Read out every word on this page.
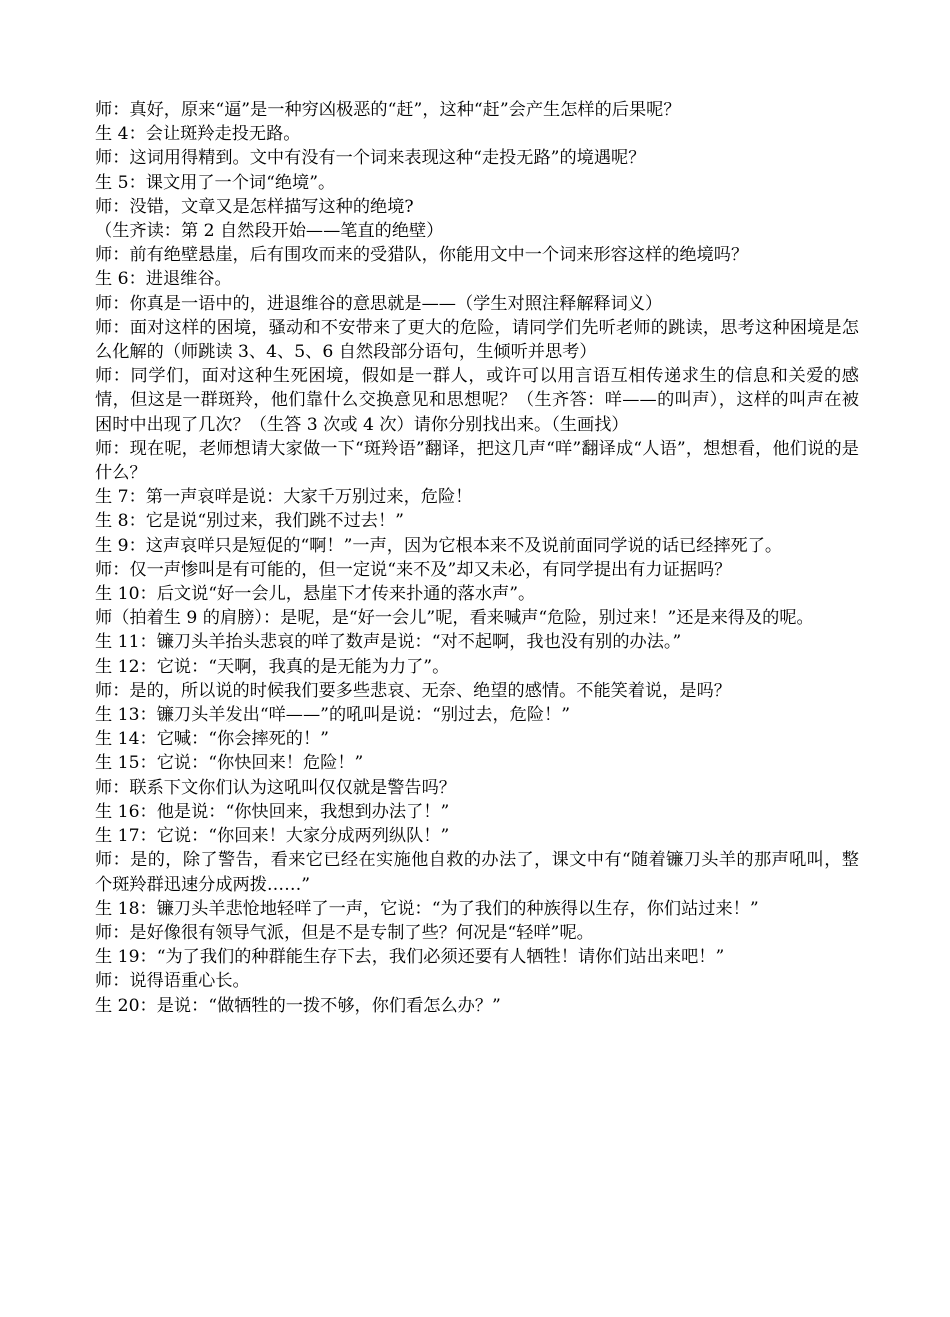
师：真好，原来“逼”是一种穷凶极恶的“赶”，这种“赶”会产生怎样的后果呢？

生 4：会让斑羚走投无路。

师：这词用得精到。文中有没有一个词来表现这种“走投无路”的境遇呢？

生 5：课文用了一个词“绝境”。

师：没错，文章又是怎样描写这种的绝境?

（生齐读：第 2 自然段开始——笔直的绝壁）

师：前有绝壁悬崖，后有围攻而来的受猎队，你能用文中一个词来形容这样的绝境吗？

生 6：进退维谷。

师：你真是一语中的，进退维谷的意思就是——（学生对照注释解释词义）

师：面对这样的困境，骚动和不安带来了更大的危险，请同学们先听老师的跳读，思考这种困境是怎么化解的（师跳读 3、4、5、6 自然段部分语句，生倾听并思考）

师：同学们，面对这种生死困境，假如是一群人，或许可以用言语互相传递求生的信息和关爱的感情，但这是一群斑羚，他们靠什么交换意见和思想呢？（生齐答：咩——的叫声），这样的叫声在被困时中出现了几次？（生答 3 次或 4 次）请你分别找出来。（生画找）

师：现在呢，老师想请大家做一下“斑羚语”翻译，把这几声“咩”翻译成“人语”，想想看，他们说的是什么？

生 7：第一声哀咩是说：大家千万别过来，危险！

生 8：它是说“别过来，我们跳不过去！”

生 9：这声哀咩只是短促的“啊！”一声，因为它根本来不及说前面同学说的话已经摔死了。

师：仅一声惨叫是有可能的，但一定说“来不及”却又未必，有同学提出有力证据吗？

生 10：后文说“好一会儿，悬崖下才传来扑通的落水声”。

师（拍着生 9 的肩膀）：是呢，是“好一会儿”呢，看来喊声“危险，别过来！”还是来得及的呢。

生 11：镰刀头羊抬头悲哀的咩了数声是说：“对不起啊，我也没有别的办法。”

生 12：它说：“天啊，我真的是无能为力了”。

师：是的，所以说的时候我们要多些悲哀、无奈、绝望的感情。不能笑着说，是吗？

生 13：镰刀头羊发出“咩——”的吼叫是说：“别过去，危险！”

生 14：它喊：“你会摔死的！”

生 15：它说：“你快回来！危险！”

师：联系下文你们认为这吼叫仅仅就是警告吗？

生 16：他是说：“你快回来，我想到办法了！”

生 17：它说：“你回来！大家分成两列纵队！”

师：是的，除了警告，看来它已经在实施他自救的办法了，课文中有“随着镰刀头羊的那声吼叫，整个斑羚群迅速分成两拨……”

生 18：镰刀头羊悲怆地轻咩了一声，它说：“为了我们的种族得以生存，你们站过来！”

师：是好像很有领导气派，但是不是专制了些？何况是“轻咩”呢。

生 19：“为了我们的种群能生存下去，我们必须还要有人牺牲！请你们站出来吧！”

师：说得语重心长。

生 20：是说：“做牺牲的一拨不够，你们看怎么办？”
